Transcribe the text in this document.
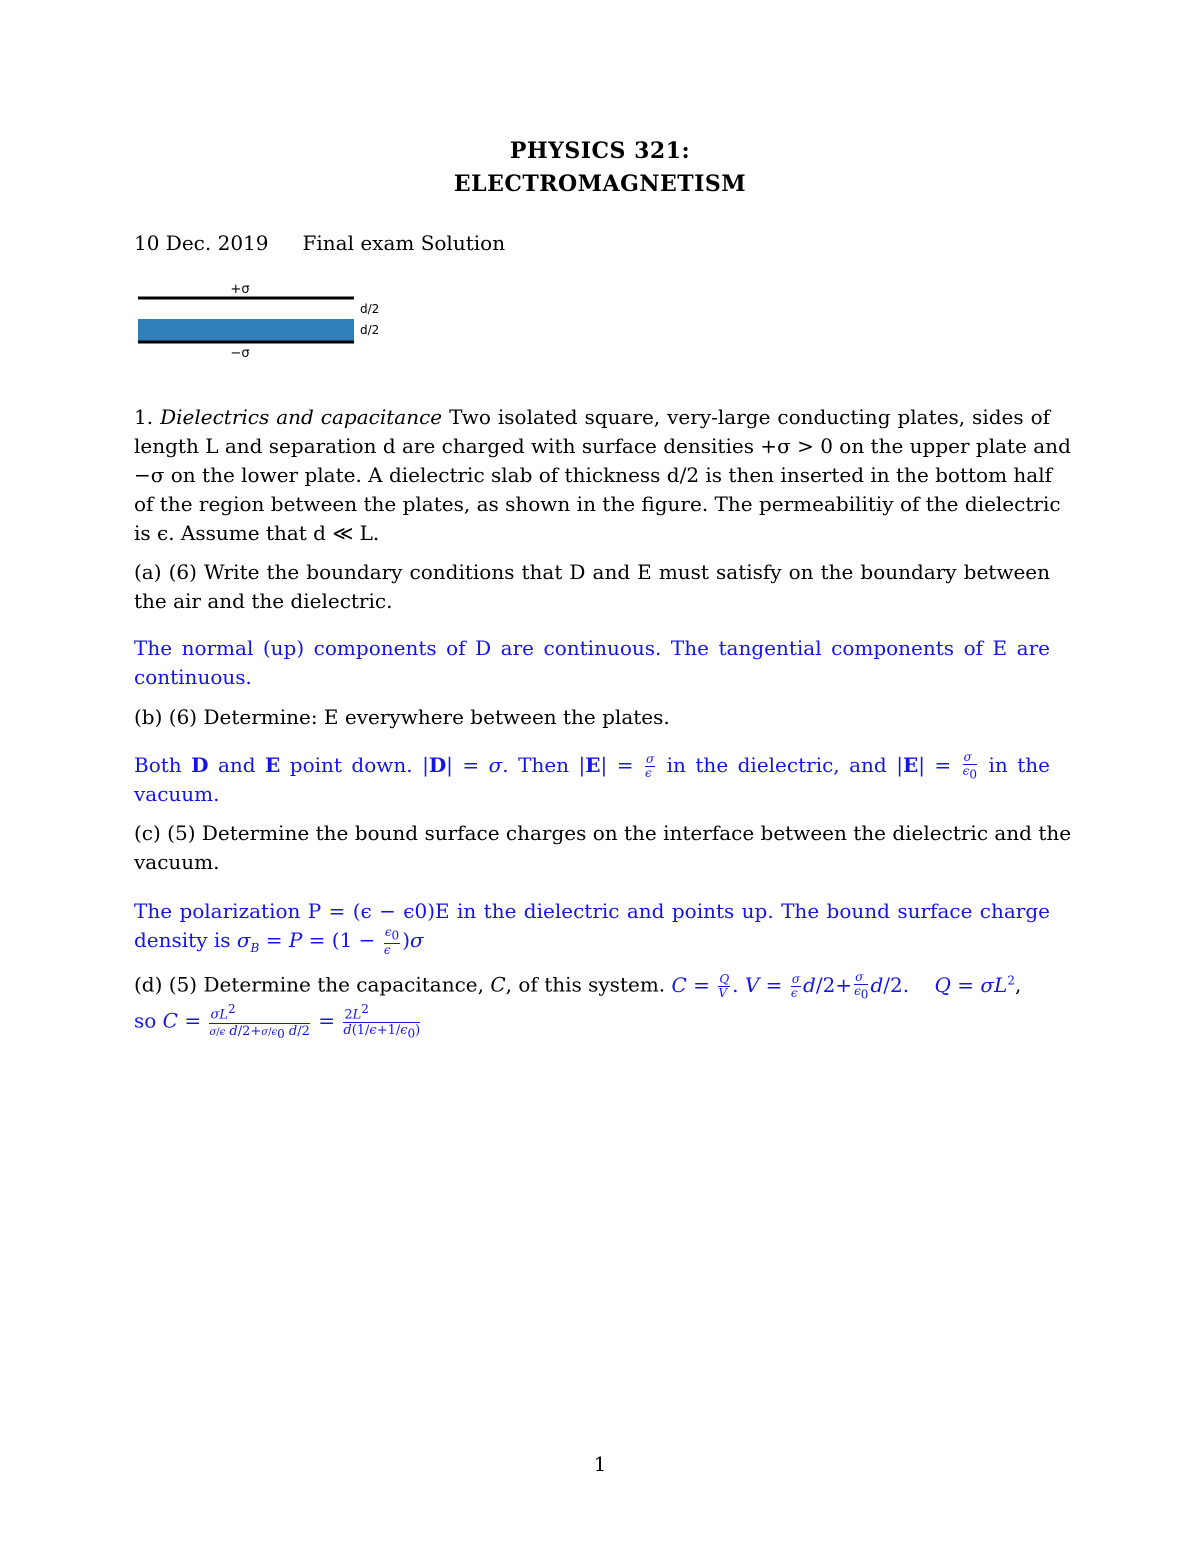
PHYSICS 321:
ELECTROMAGNETISM
10 Dec. 2019 Final exam Solution
+σ
d/2
d/2
−σ
1. Dielectrics and capacitance Two isolated square, very-large conducting plates, sides of
length L and separation d are charged with surface densities +σ > 0 on the upper plate and
−σ on the lower plate. A dielectric slab of thickness d/2 is then inserted in the bottom half
of the region between the plates, as shown in the figure. The permeabilitiy of the dielectric
is ϵ. Assume that d ≪ L.
(a) (6) Write the boundary conditions that D and E must satisfy on the boundary between
the air and the dielectric.
The normal (up) components of D are continuous. The tangential components of E are
continuous.
(b) (6) Determine: E everywhere between the plates.
Both D and E point down. |D| = σ. Then $|E| = \frac{\sigma}{\epsilon}$ in the dielectric, and $|E| = \frac{\sigma}{\epsilon_0}$ in the
vacuum.
(c) (5) Determine the bound surface charges on the interface between the dielectric and the
vacuum.
The polarization P = (ϵ − ϵ0)E in the dielectric and points up. The bound surface charge
density is $\sigma_B = P = (1 - \frac{\epsilon_0}{\epsilon} )\sigma$
(d) (5) Determine the capacitance, C, of this system. $C = \frac{Q}{V}$ . $V = \frac{\sigma}{\epsilon} d/2+ \frac{\sigma}{\epsilon_0} d/2$.    $Q = \sigma L^2$,
so $C = \frac{\sigma L^2}{\sigma/\epsilon d/2+\sigma/\epsilon_0 d/2} = \frac{2L^2}{d(1/\epsilon+1/\epsilon_0)}$
1
